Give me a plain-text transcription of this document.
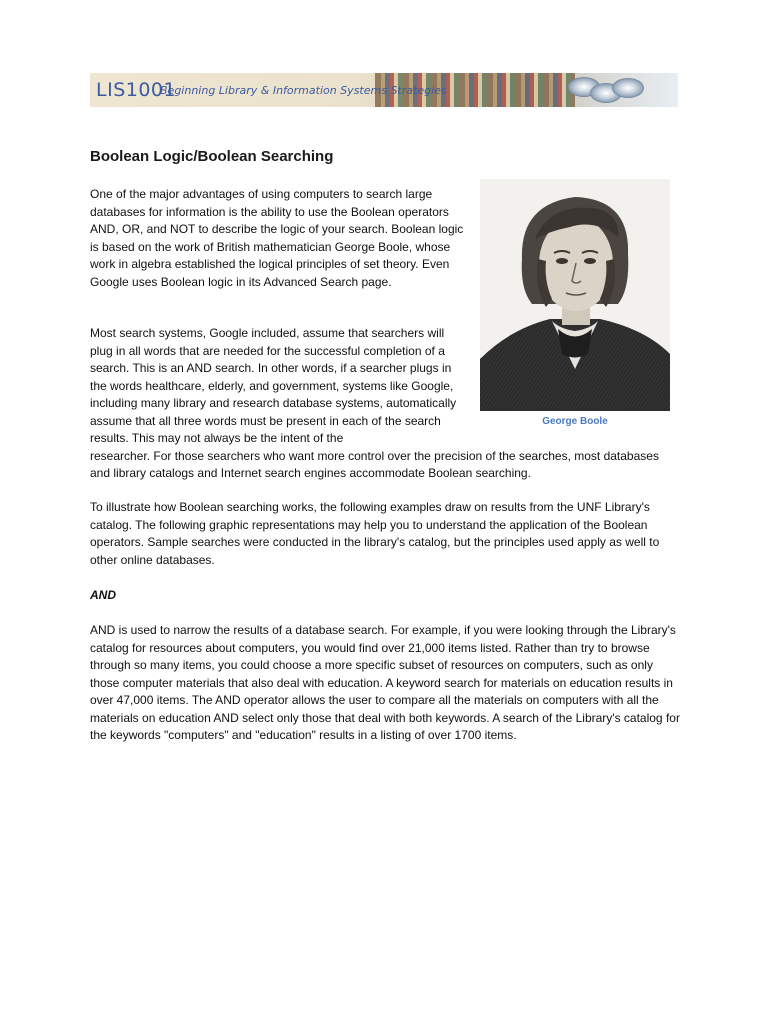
LIS1001
Beginning Library & Information Systems Strategies
Boolean Logic/Boolean Searching
One of the major advantages of using computers to search large databases for information is the ability to use the Boolean operators AND, OR, and NOT to describe the logic of your search. Boolean logic is based on the work of British mathematician George Boole, whose work in algebra established the logical principles of set theory. Even Google uses Boolean logic in its Advanced Search page.
George Boole
Most search systems, Google included, assume that searchers will plug in all words that are needed for the successful completion of a search. This is an AND search. In other words, if a searcher plugs in the words healthcare, elderly, and government, systems like Google, including many library and research database systems, automatically assume that all three words must be present in each of the search results. This may not always be the intent of the
researcher. For those searchers who want more control over the precision of the searches, most databases and library catalogs and Internet search engines accommodate Boolean searching.
To illustrate how Boolean searching works, the following examples draw on results from the UNF Library's catalog. The following graphic representations may help you to understand the application of the Boolean operators. Sample searches were conducted in the library's catalog, but the principles used apply as well to other online databases.
AND
AND is used to narrow the results of a database search. For example, if you were looking through the Library's catalog for resources about computers, you would find over 21,000 items listed. Rather than try to browse through so many items, you could choose a more specific subset of resources on computers, such as only those computer materials that also deal with education. A keyword search for materials on education results in over 47,000 items. The AND operator allows the user to compare all the materials on computers with all the materials on education AND select only those that deal with both keywords. A search of the Library's catalog for the keywords "computers" and "education" results in a listing of over 1700 items.
